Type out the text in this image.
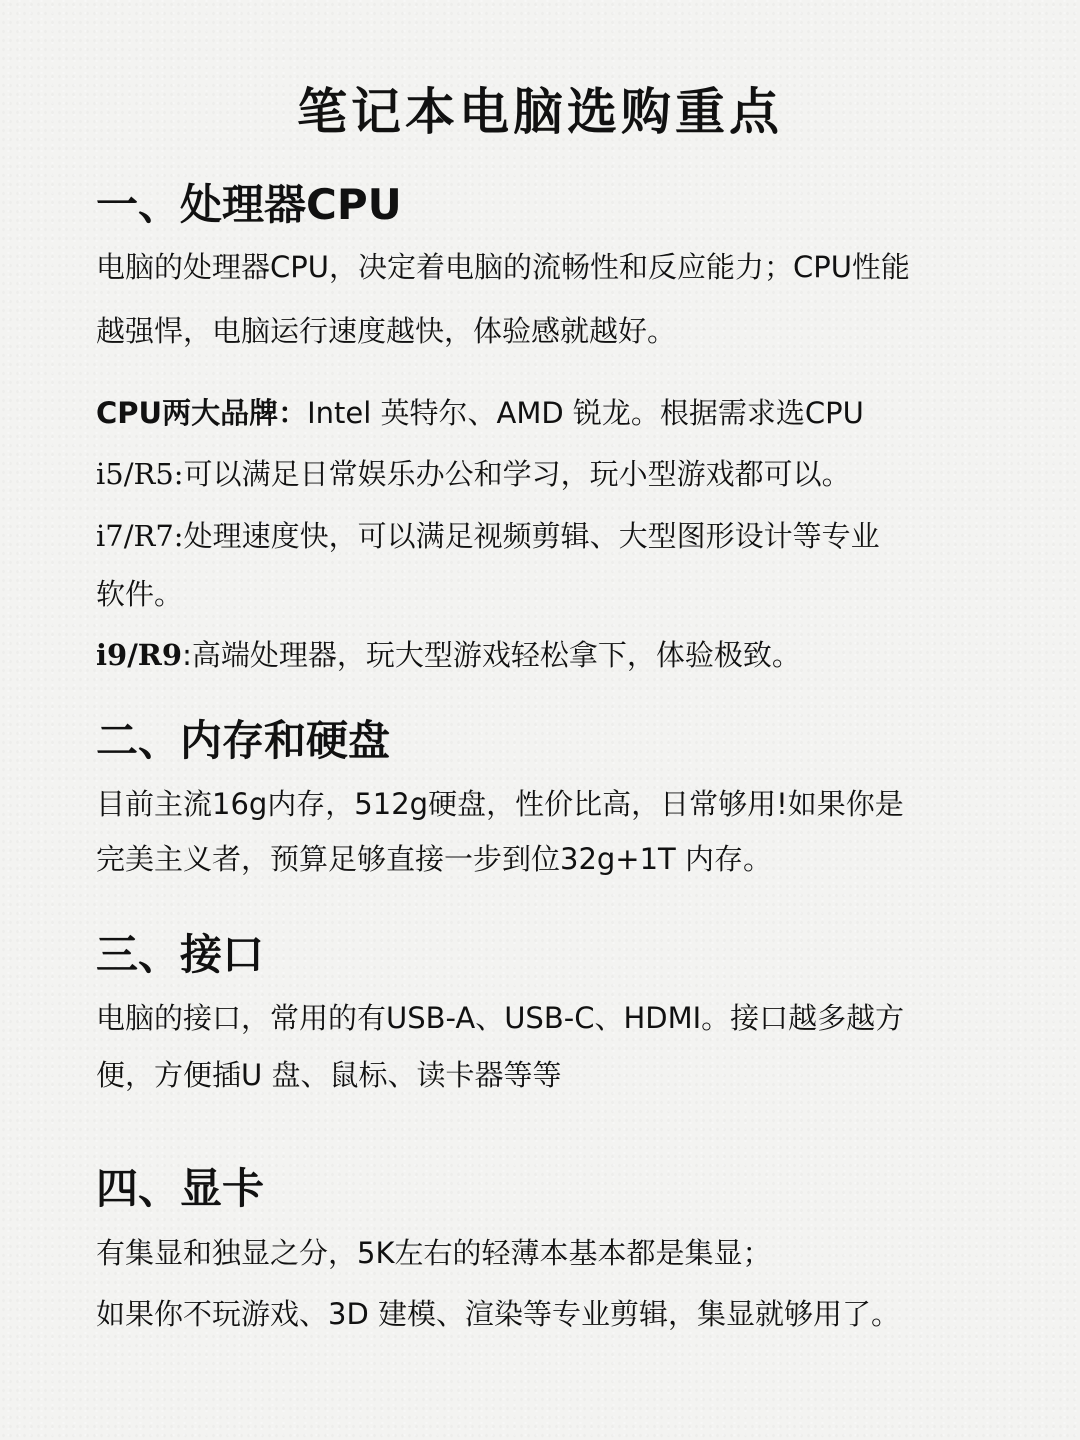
笔记本电脑选购重点
一、处理器CPU
电脑的处理器CPU，决定着电脑的流畅性和反应能力；CPU性能
越强悍，电脑运行速度越快，体验感就越好。
CPU两大品牌：Intel 英特尔、AMD 锐龙。根据需求选CPU
i5/R5:可以满足日常娱乐办公和学习，玩小型游戏都可以。
i7/R7:处理速度快，可以满足视频剪辑、大型图形设计等专业
软件。
i9/R9:高端处理器，玩大型游戏轻松拿下，体验极致。
二、内存和硬盘
目前主流16g内存，512g硬盘，性价比高，日常够用!如果你是
完美主义者，预算足够直接一步到位32g+1T 内存。
三、接口
电脑的接口，常用的有USB-A、USB-C、HDMI。接口越多越方
便，方便插U 盘、鼠标、读卡器等等
四、显卡
有集显和独显之分，5K左右的轻薄本基本都是集显；
如果你不玩游戏、3D 建模、渲染等专业剪辑，集显就够用了。
